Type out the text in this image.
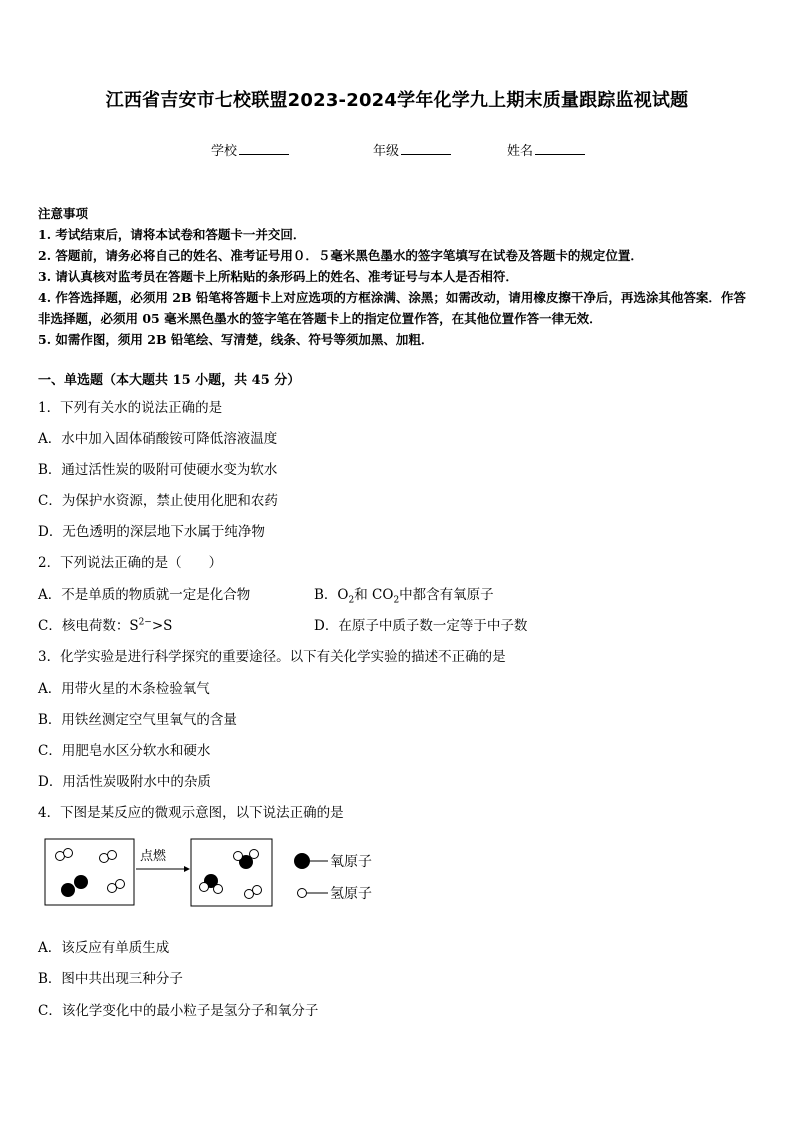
江西省吉安市七校联盟2023-2024学年化学九上期末质量跟踪监视试题
学校	年级	姓名
注意事项
1. 考试结束后，请将本试卷和答题卡一并交回．
2. 答题前，请务必将自己的姓名、准考证号用０．５毫米黑色墨水的签字笔填写在试卷及答题卡的规定位置．
3. 请认真核对监考员在答题卡上所粘贴的条形码上的姓名、准考证号与本人是否相符．
4. 作答选择题，必须用 2B 铅笔将答题卡上对应选项的方框涂满、涂黑；如需改动，请用橡皮擦干净后，再选涂其他答案．作答非选择题，必须用 05 毫米黑色墨水的签字笔在答题卡上的指定位置作答，在其他位置作答一律无效．
5. 如需作图，须用 2B 铅笔绘、写清楚，线条、符号等须加黑、加粗．
一、单选题（本大题共 15 小题，共 45 分）
1．下列有关水的说法正确的是
A．水中加入固体硝酸铵可降低溶液温度
B．通过活性炭的吸附可使硬水变为软水
C．为保护水资源，禁止使用化肥和农药
D．无色透明的深层地下水属于纯净物
2．下列说法正确的是（　　）
A．不是单质的物质就一定是化合物	B．$O_2$和 $CO_2$中都含有氧原子
C．核电荷数：$S^{2-}>S$	D．在原子中质子数一定等于中子数
3．化学实验是进行科学探究的重要途径。以下有关化学实验的描述不正确的是
A．用带火星的木条检验氧气
B．用铁丝测定空气里氧气的含量
C．用肥皂水区分软水和硬水
D．用活性炭吸附水中的杂质
4．下图是某反应的微观示意图，以下说法正确的是
点燃	氧原子
氢原子
A．该反应有单质生成
B．图中共出现三种分子
C．该化学变化中的最小粒子是氢分子和氧分子
